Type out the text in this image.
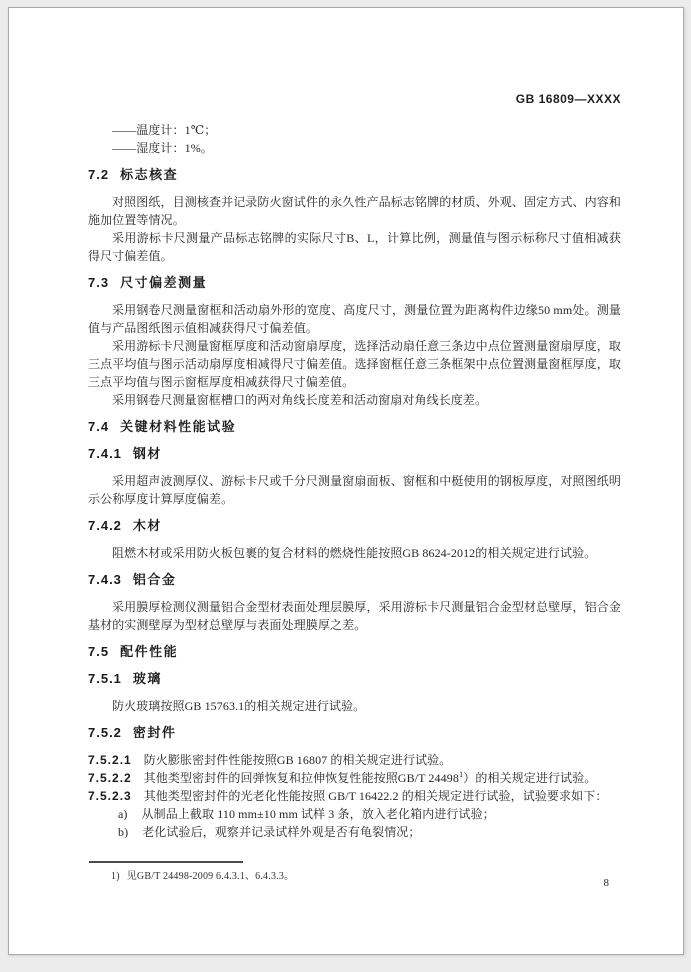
GB 16809—XXXX

——温度计：1℃；

——湿度计：1%。

7.2 标志核查

对照图纸，目测核查并记录防火窗试件的永久性产品标志铭牌的材质、外观、固定方式、内容和施加位置等情况。

采用游标卡尺测量产品标志铭牌的实际尺寸B、L，计算比例，测量值与图示标称尺寸值相减获得尺寸偏差值。

7.3 尺寸偏差测量

采用钢卷尺测量窗框和活动扇外形的宽度、高度尺寸，测量位置为距离构件边缘50 mm处。测量值与产品图纸图示值相减获得尺寸偏差值。

采用游标卡尺测量窗框厚度和活动窗扇厚度，选择活动扇任意三条边中点位置测量窗扇厚度，取三点平均值与图示活动扇厚度相减得尺寸偏差值。选择窗框任意三条框架中点位置测量窗框厚度，取三点平均值与图示窗框厚度相减获得尺寸偏差值。

采用钢卷尺测量窗框槽口的两对角线长度差和活动窗扇对角线长度差。

7.4 关键材料性能试验
7.4.1 钢材

采用超声波测厚仪、游标卡尺或千分尺测量窗扇面板、窗框和中梃使用的钢板厚度，对照图纸明示公称厚度计算厚度偏差。

7.4.2 木材

阻燃木材或采用防火板包裹的复合材料的燃烧性能按照GB 8624-2012的相关规定进行试验。

7.4.3 铝合金

采用膜厚检测仪测量铝合金型材表面处理层膜厚，采用游标卡尺测量铝合金型材总壁厚，铝合金基材的实测壁厚为型材总壁厚与表面处理膜厚之差。

7.5 配件性能
7.5.1 玻璃

防火玻璃按照GB 15763.1的相关规定进行试验。

7.5.2 密封件

7.5.2.1 防火膨胀密封件性能按照GB 16807 的相关规定进行试验。

7.5.2.2 其他类型密封件的回弹恢复和拉伸恢复性能按照GB/T 24498$^1$）的相关规定进行试验。

7.5.2.3 其他类型密封件的光老化性能按照 GB/T 16422.2 的相关规定进行试验，试验要求如下：

a) 从制品上截取 110 mm±10 mm 试样 3 条，放入老化箱内进行试验；

b) 老化试验后，观察并记录试样外观是否有龟裂情况；

1) 见GB/T 24498-2009 6.4.3.1、6.4.3.3。

8
